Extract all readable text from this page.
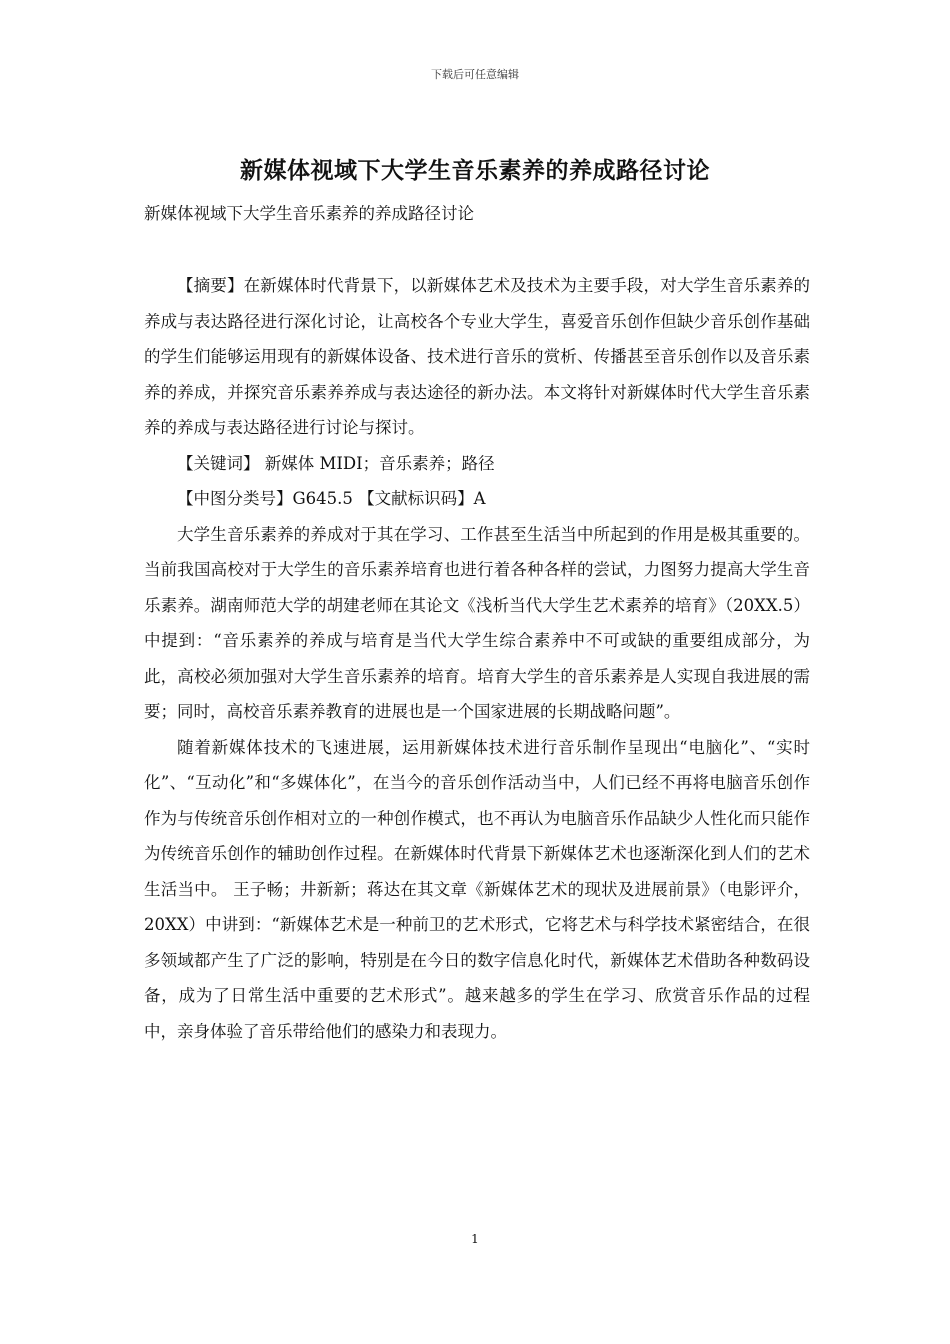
下载后可任意编辑
新媒体视域下大学生音乐素养的养成路径讨论
新媒体视域下大学生音乐素养的养成路径讨论

【摘要】在新媒体时代背景下，以新媒体艺术及技术为主要手段，对大学生音乐素养的养成与表达路径进行深化讨论，让高校各个专业大学生，喜爱音乐创作但缺少音乐创作基础的学生们能够运用现有的新媒体设备、技术进行音乐的赏析、传播甚至音乐创作以及音乐素养的养成，并探究音乐素养养成与表达途径的新办法。本文将针对新媒体时代大学生音乐素养的养成与表达路径进行讨论与探讨。

【关键词】 新媒体 MIDI；音乐素养；路径

【中图分类号】G645.5 【文献标识码】A

大学生音乐素养的养成对于其在学习、工作甚至生活当中所起到的作用是极其重要的。当前我国高校对于大学生的音乐素养培育也进行着各种各样的尝试，力图努力提高大学生音乐素养。湖南师范大学的胡建老师在其论文《浅析当代大学生艺术素养的培育》（20XX.5）中提到：“音乐素养的养成与培育是当代大学生综合素养中不可或缺的重要组成部分，为此，高校必须加强对大学生音乐素养的培育。培育大学生的音乐素养是人实现自我进展的需要；同时，高校音乐素养教育的进展也是一个国家进展的长期战略问题”。

随着新媒体技术的飞速进展，运用新媒体技术进行音乐制作呈现出“电脑化”、“实时化”、“互动化”和“多媒体化”，在当今的音乐创作活动当中，人们已经不再将电脑音乐创作作为与传统音乐创作相对立的一种创作模式，也不再认为电脑音乐作品缺少人性化而只能作为传统音乐创作的辅助创作过程。在新媒体时代背景下新媒体艺术也逐渐深化到人们的艺术生活当中。 王子畅；井新新；蒋达在其文章《新媒体艺术的现状及进展前景》（电影评介，20XX）中讲到：“新媒体艺术是一种前卫的艺术形式，它将艺术与科学技术紧密结合，在很多领域都产生了广泛的影响，特别是在今日的数字信息化时代，新媒体艺术借助各种数码设备，成为了日常生活中重要的艺术形式”。越来越多的学生在学习、欣赏音乐作品的过程中，亲身体验了音乐带给他们的感染力和表现力。

1
